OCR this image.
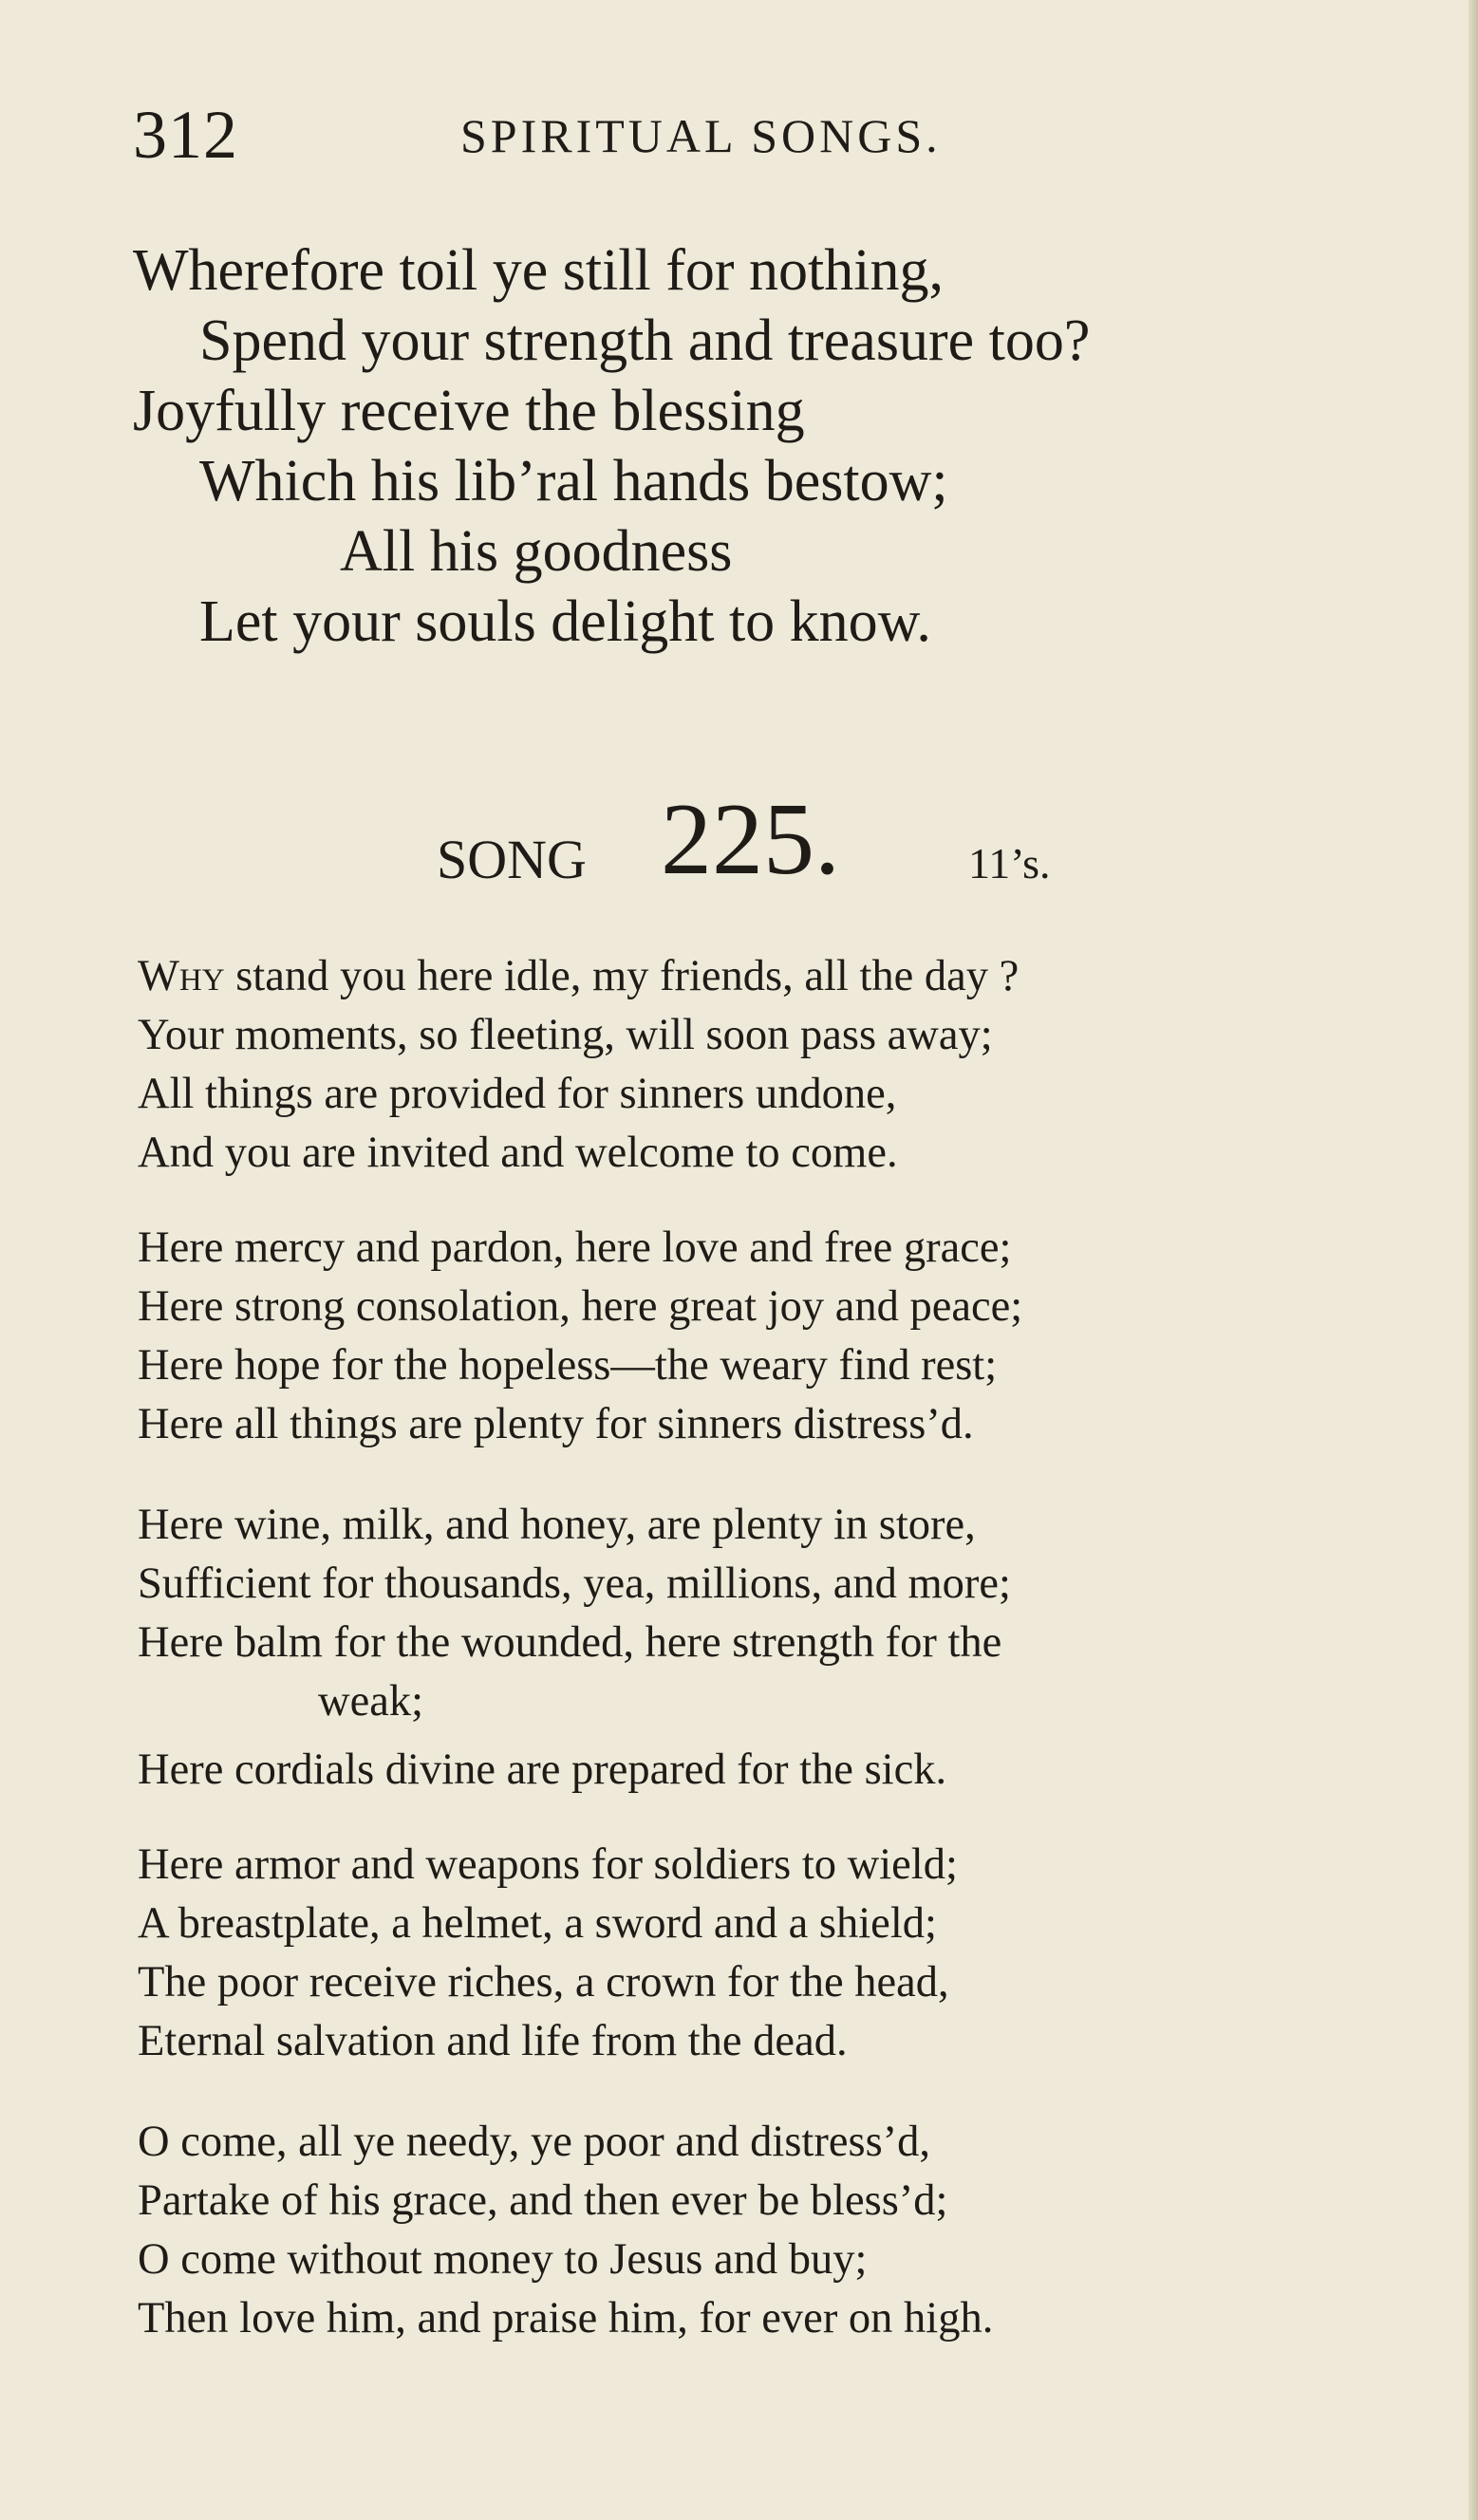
312	SPIRITUAL SONGS.
Wherefore toil ye still for nothing,
Spend your strength and treasure too?
Joyfully receive the blessing
Which his lib’ral hands bestow;
All his goodness
Let your souls delight to know.
SONG 225.	11’s.
Why stand you here idle, my friends, all the day ?
Your moments, so fleeting, will soon pass away;
All things are provided for sinners undone,
And you are invited and welcome to come.
Here mercy and pardon, here love and free grace;
Here strong consolation, here great joy and peace;
Here hope for the hopeless—the weary find rest;
Here all things are plenty for sinners distress’d.
Here wine, milk, and honey, are plenty in store,
Sufficient for thousands, yea, millions, and more;
Here balm for the wounded, here strength for the
weak;
Here cordials divine are prepared for the sick.
Here armor and weapons for soldiers to wield;
A breastplate, a helmet, a sword and a shield;
The poor receive riches, a crown for the head,
Eternal salvation and life from the dead.
O come, all ye needy, ye poor and distress’d,
Partake of his grace, and then ever be bless’d;
O come without money to Jesus and buy;
Then love him, and praise him, for ever on high.
